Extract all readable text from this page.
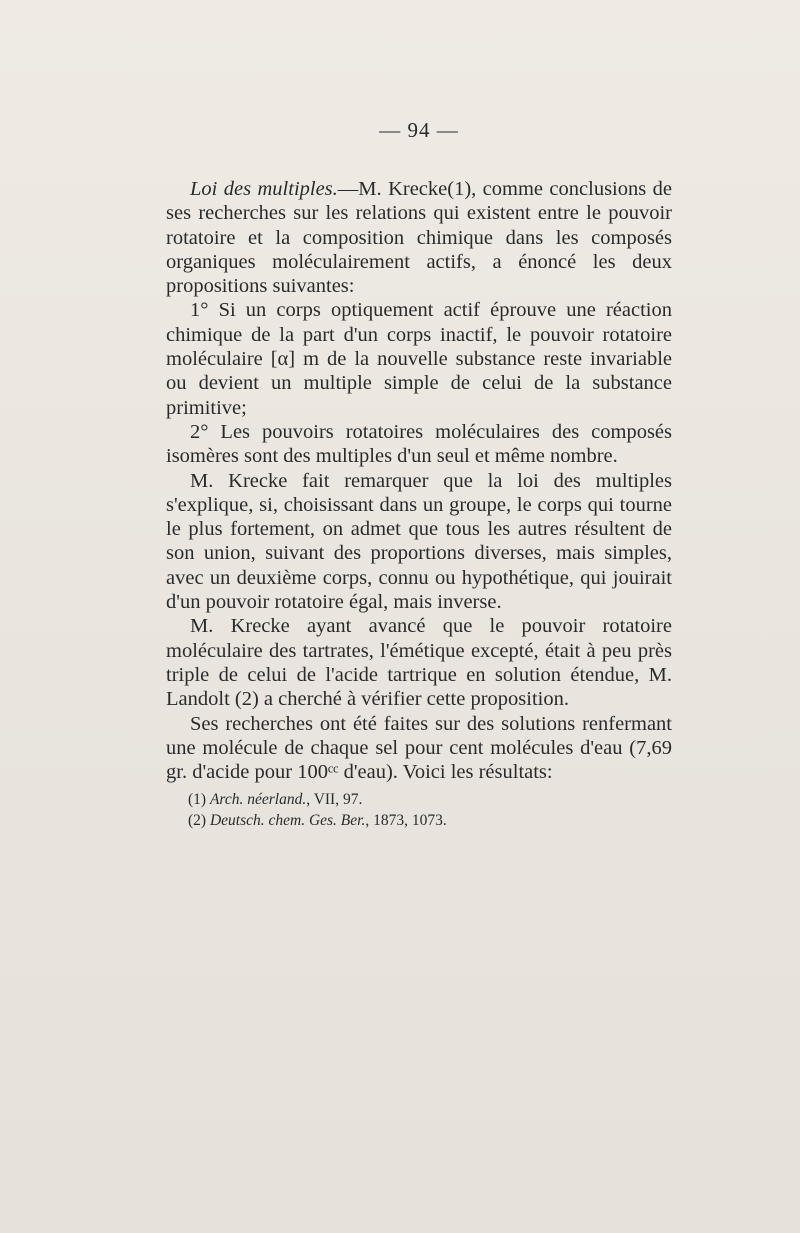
— 94 —

Loi des multiples.—M. Krecke(1), comme conclusions de ses recherches sur les relations qui existent entre le pouvoir rotatoire et la composition chimique dans les composés organiques moléculairement actifs, a énoncé les deux propositions suivantes:

1° Si un corps optiquement actif éprouve une réaction chimique de la part d'un corps inactif, le pouvoir rotatoire moléculaire [α] m de la nouvelle substance reste invariable ou devient un multiple simple de celui de la substance primitive;

2° Les pouvoirs rotatoires moléculaires des composés isomères sont des multiples d'un seul et même nombre.

M. Krecke fait remarquer que la loi des multiples s'explique, si, choisissant dans un groupe, le corps qui tourne le plus fortement, on admet que tous les autres résultent de son union, suivant des proportions diverses, mais simples, avec un deuxième corps, connu ou hypothétique, qui jouirait d'un pouvoir rotatoire égal, mais inverse.

M. Krecke ayant avancé que le pouvoir rotatoire moléculaire des tartrates, l'émétique excepté, était à peu près triple de celui de l'acide tartrique en solution étendue, M. Landolt (2) a cherché à vérifier cette proposition.

Ses recherches ont été faites sur des solutions renfermant une molécule de chaque sel pour cent molécules d'eau (7,69 gr. d'acide pour 100ᶜᶜ d'eau). Voici les résultats:

(1) Arch. néerland., VII, 97.

(2) Deutsch. chem. Ges. Ber., 1873, 1073.
